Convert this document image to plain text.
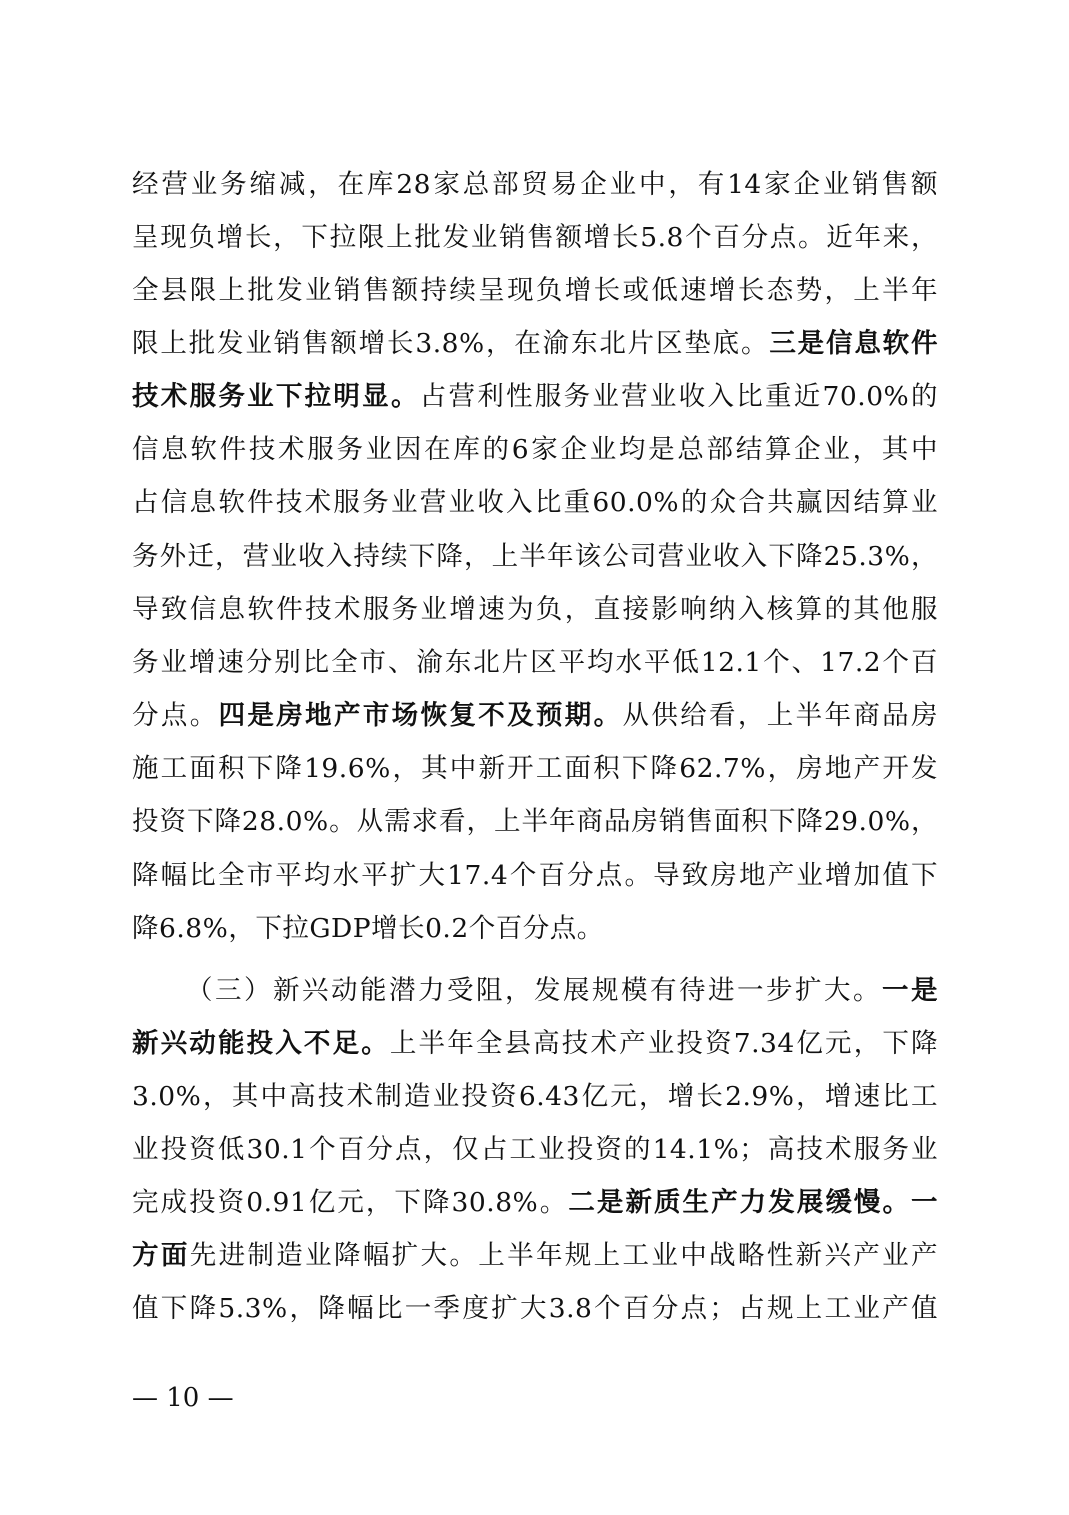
经营业务缩减，在库28家总部贸易企业中，有14家企业销售额
呈现负增长，下拉限上批发业销售额增长5.8个百分点。近年来，
全县限上批发业销售额持续呈现负增长或低速增长态势，上半年
限上批发业销售额增长3.8%，在渝东北片区垫底。三是信息软件
技术服务业下拉明显。占营利性服务业营业收入比重近70.0%的
信息软件技术服务业因在库的6家企业均是总部结算企业，其中
占信息软件技术服务业营业收入比重60.0%的众合共赢因结算业
务外迁，营业收入持续下降，上半年该公司营业收入下降25.3%，
导致信息软件技术服务业增速为负，直接影响纳入核算的其他服
务业增速分别比全市、渝东北片区平均水平低12.1个、17.2个百
分点。四是房地产市场恢复不及预期。从供给看，上半年商品房
施工面积下降19.6%，其中新开工面积下降62.7%，房地产开发
投资下降28.0%。从需求看，上半年商品房销售面积下降29.0%，
降幅比全市平均水平扩大17.4个百分点。导致房地产业增加值下
降6.8%，下拉GDP增长0.2个百分点。
（三）新兴动能潜力受阻，发展规模有待进一步扩大。一是
新兴动能投入不足。上半年全县高技术产业投资7.34亿元，下降
3.0%，其中高技术制造业投资6.43亿元，增长2.9%，增速比工
业投资低30.1个百分点，仅占工业投资的14.1%；高技术服务业
完成投资0.91亿元，下降30.8%。二是新质生产力发展缓慢。一
方面先进制造业降幅扩大。上半年规上工业中战略性新兴产业产
值下降5.3%，降幅比一季度扩大3.8个百分点；占规上工业产值
— 10 —
